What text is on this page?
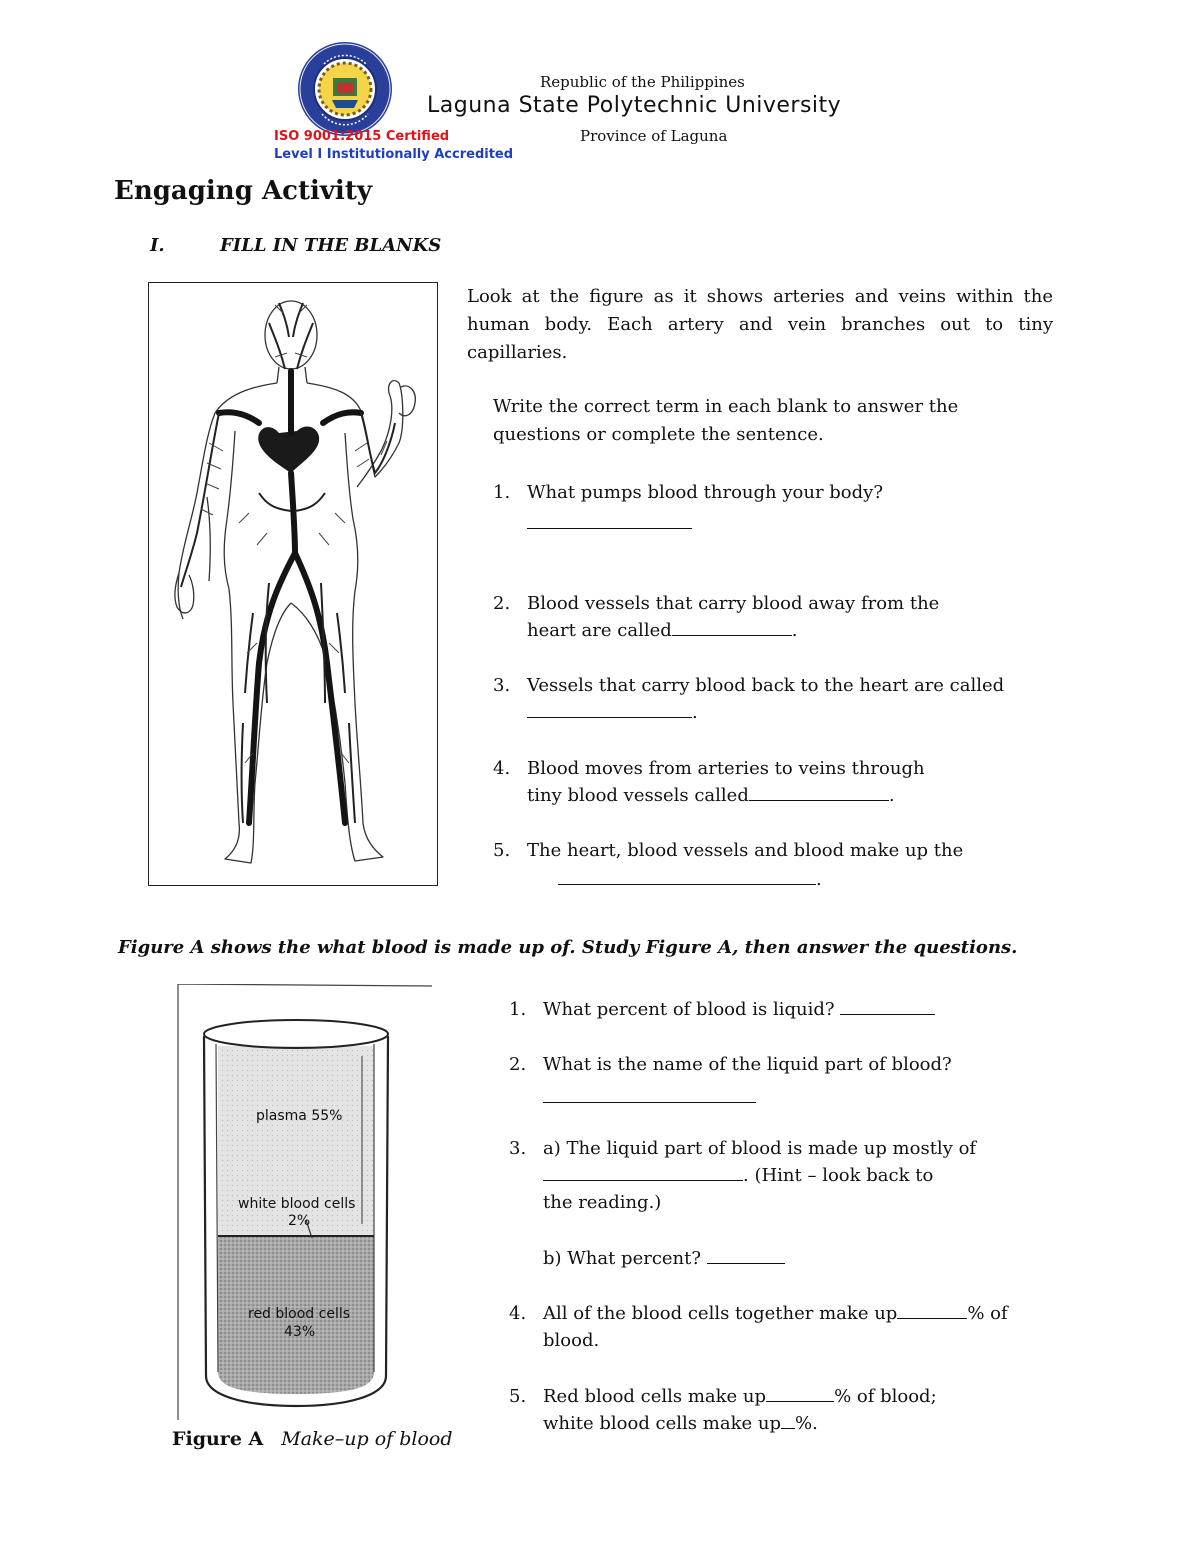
Republic of the Philippines
Laguna State Polytechnic University
ISO 9001:2015 Certified	Province of Laguna
Level I Institutionally Accredited
Engaging Activity
I.	FILL IN THE BLANKS
Look at the figure as it shows arteries and veins within the human body. Each artery and vein branches out to tiny capillaries.
Write the correct term in each blank to answer the questions or complete the sentence.
1. What pumps blood through your body?
2. Blood vessels that carry blood away from the
heart are called	.
3. Vessels that carry blood back to the heart are called
.
4. Blood moves from arteries to veins through
tiny blood vessels called	.
5. The heart, blood vessels and blood make up the
.
Figure A shows the what blood is made up of. Study Figure A, then answer the questions.
plasma 55%
white blood cells
2%
red blood cells
43%
Figure A Make–up of blood
1. What percent of blood is liquid?
2. What is the name of the liquid part of blood?
3. a) The liquid part of blood is made up mostly of
. (Hint – look back to
the reading.)
b) What percent?
4. All of the blood cells together make up	% of
blood.
5. Red blood cells make up	% of blood;
white blood cells make up %.
